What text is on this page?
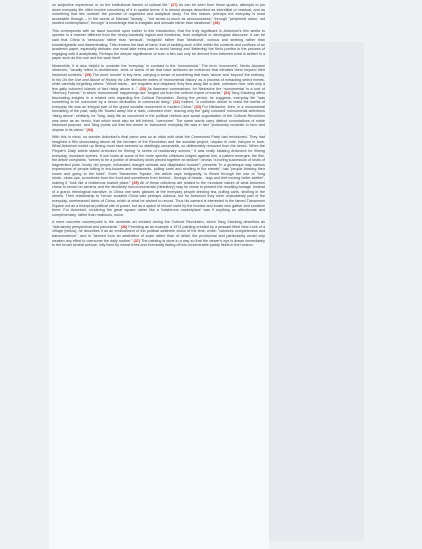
on subjective experience or on the institutional frames of cultural life." (27) As can be seen from these quotes, attempts to pin down everyday life often involve conceiving of it in spatial terms: it is almost always described as interstitial or residual, and as something that lies 'outside' the purview of organized and analytical study. For this reason, perhaps the everyday is most accessible through – in the words of Michael Taussig – "not sense-in-much as sensuousness," through "peripheral vision, not studied contemplation", through "a knowledge that is imagistic and sensate rather than ideational." (28)

This corresponds with an issue touched upon earlier in this introduction, that the truly significant in Antonioni's film seeks to operate in a manner different from the heavy-handedly logical and functional, from analytical or ideological discourse. It can be said that China is 'sensuous' rather than 'sensual', 'imagistic' rather than 'ideational', curious and seeking rather than knowledgeable and disseminating. This renders the task at hand, that of tackling such a film within the contexts and confines of an academic paper, especially delicate: one must take extra care to avoid 'taming' and 'flattening' the film's poetics in the process of engaging with it analytically. Perhaps the deeper significance of such a film can only be derived from between what is written in a paper such as this one and the work itself.

Meanwhile, it is also helpful to consider the 'everyday' in contrast to the 'monumental.' The term 'monument', Nerdo Atonami observes, "usually refers to architecture, texts or works of art that have achieved an eminence that elevates them beyond their historical contexts." (29) The word 'monde' is key here, carrying a sense of something that rises 'above' and 'beyond' the ordinary. In his On the Use and Abuse of History for Life Nietzsche writes of 'monumental history' as a process of extracting select events, while carefully forgetting others: "Whole tracts... are forgotten and despised; they flow away like a dark, unbroken river, with only a few gaily coloured islands of fact rising above it..." (30) As Assmann summarizes, for Nietzsche the 'monumental' is a sort of "Memory Format," in which 'monumental' happenings are "lunged out from the uniform rhyme of events." (31) Tang Xiaobing offers fascinating insights in a related vein regarding the Cultural Revolution. During the period, he suggests, everyday life "was something to be overcome by a heroic dedication to communal living." (32) Indeed, "a collective desire to resist the inertia of everyday life was an integral part of the grand socialist movement in modern China." (33) For Nietzsche, then, in a monumental formatting of the past, daily life 'flowed away' like a 'dark, unbroken river', leaving only the 'gaily coloured' monumental selections 'rising above'; similarly, for Tang, daily life as conceived in the political rhetoric and social organization of the Cultural Revolution was seen as an heroic, that which must also be left behind, 'overcome'. The same words carry distinct connotations of noble historical purpose, and Tang points out that this desire to 'transcend' everyday life was in fact "profoundly romantic in form and utopian in its vision." (34)

With this in mind, no wonder Antonioni's final piece was so at odds with what the Communist Party had envisioned. They had imagined a film showcasing above all the heroism of the Revolution and the socialist project, utopian in note, halcyon in tone. What Antonioni ended up filming must have seemed so startlingly unromantic, so deliberately removed from the heroic. When the People's Daily article stated Antonioni for filming "a series of reactionary scenes," it was really blasting Antonioni for filming everyday, mundane scenes. If one looks at some of the more specific criticisms lodged against him, a pattern emerges: the film, the article complains, "seems to be a jumble of desultory shots pieced together at random"; shows "a boring succession of shots of fragmented plots, lonely old people, exhausted draught animals and dilapidated houses"; presents "in a grotesque way various expressions of people sitting in tea-houses and restaurants, pulling carts and strolling in the streets"; has "people blowing their noses and going to the toilet". Even Tiananmen Square, the article says indignantly, is filmed through the use of "long shots...close-ups, sometimes from the front and sometimes from behind... throngs of heads... legs and feet moving helter-skelter", making it "look like a boisterous market place." (35) All of these criticisms are related to the mundane nature of what Antonioni chose to record on camera, and the decidedly non-monumental ('desultory') way he chose to present the resulting footage. Instead of a grand, teleological narrative, in China one sees glances at the everyday people drinking tea, pulling carts, strolling in the streets. Their relationship to 'heroic' socialist China was perhaps dubious, but for Antonioni they were undoubtedly part of the everyday, unrehearsed fabric of China, which is what he wished to record. Thus his camera is interested in the famed Tiananmen Square not as a triumphal political site of power, but as a space of leisure used by the tourists and locals who gather and socialize there. For Antonioni, rendering the great square rather like a 'boisterous marketplace' was if anything an affectionate and complimentary, rather than malicious, move.

A more concrete counterpoint is the domestic art created during the Cultural Revolution, which Tang Xiaobing describes as "obtrusively perspectival and panoramic." (36) Providing as an example a 1974 painting created by a peasant titled New Look of a Village (below), he describes it as an embodiment of the political aesthetic vision of the time, which "valorizes completeness and transcendence", and is "derived from an aesthetics of scale rather than of detail, the provisional and particularity would only weaken any effort to overcome the daily routine." (37) The painting is done in a way so that the viewer's eye is drawn immediately to the broad central avenue, lolly lined by robust trees and eventually fading off into innumerable paddy fields in the horizon.
